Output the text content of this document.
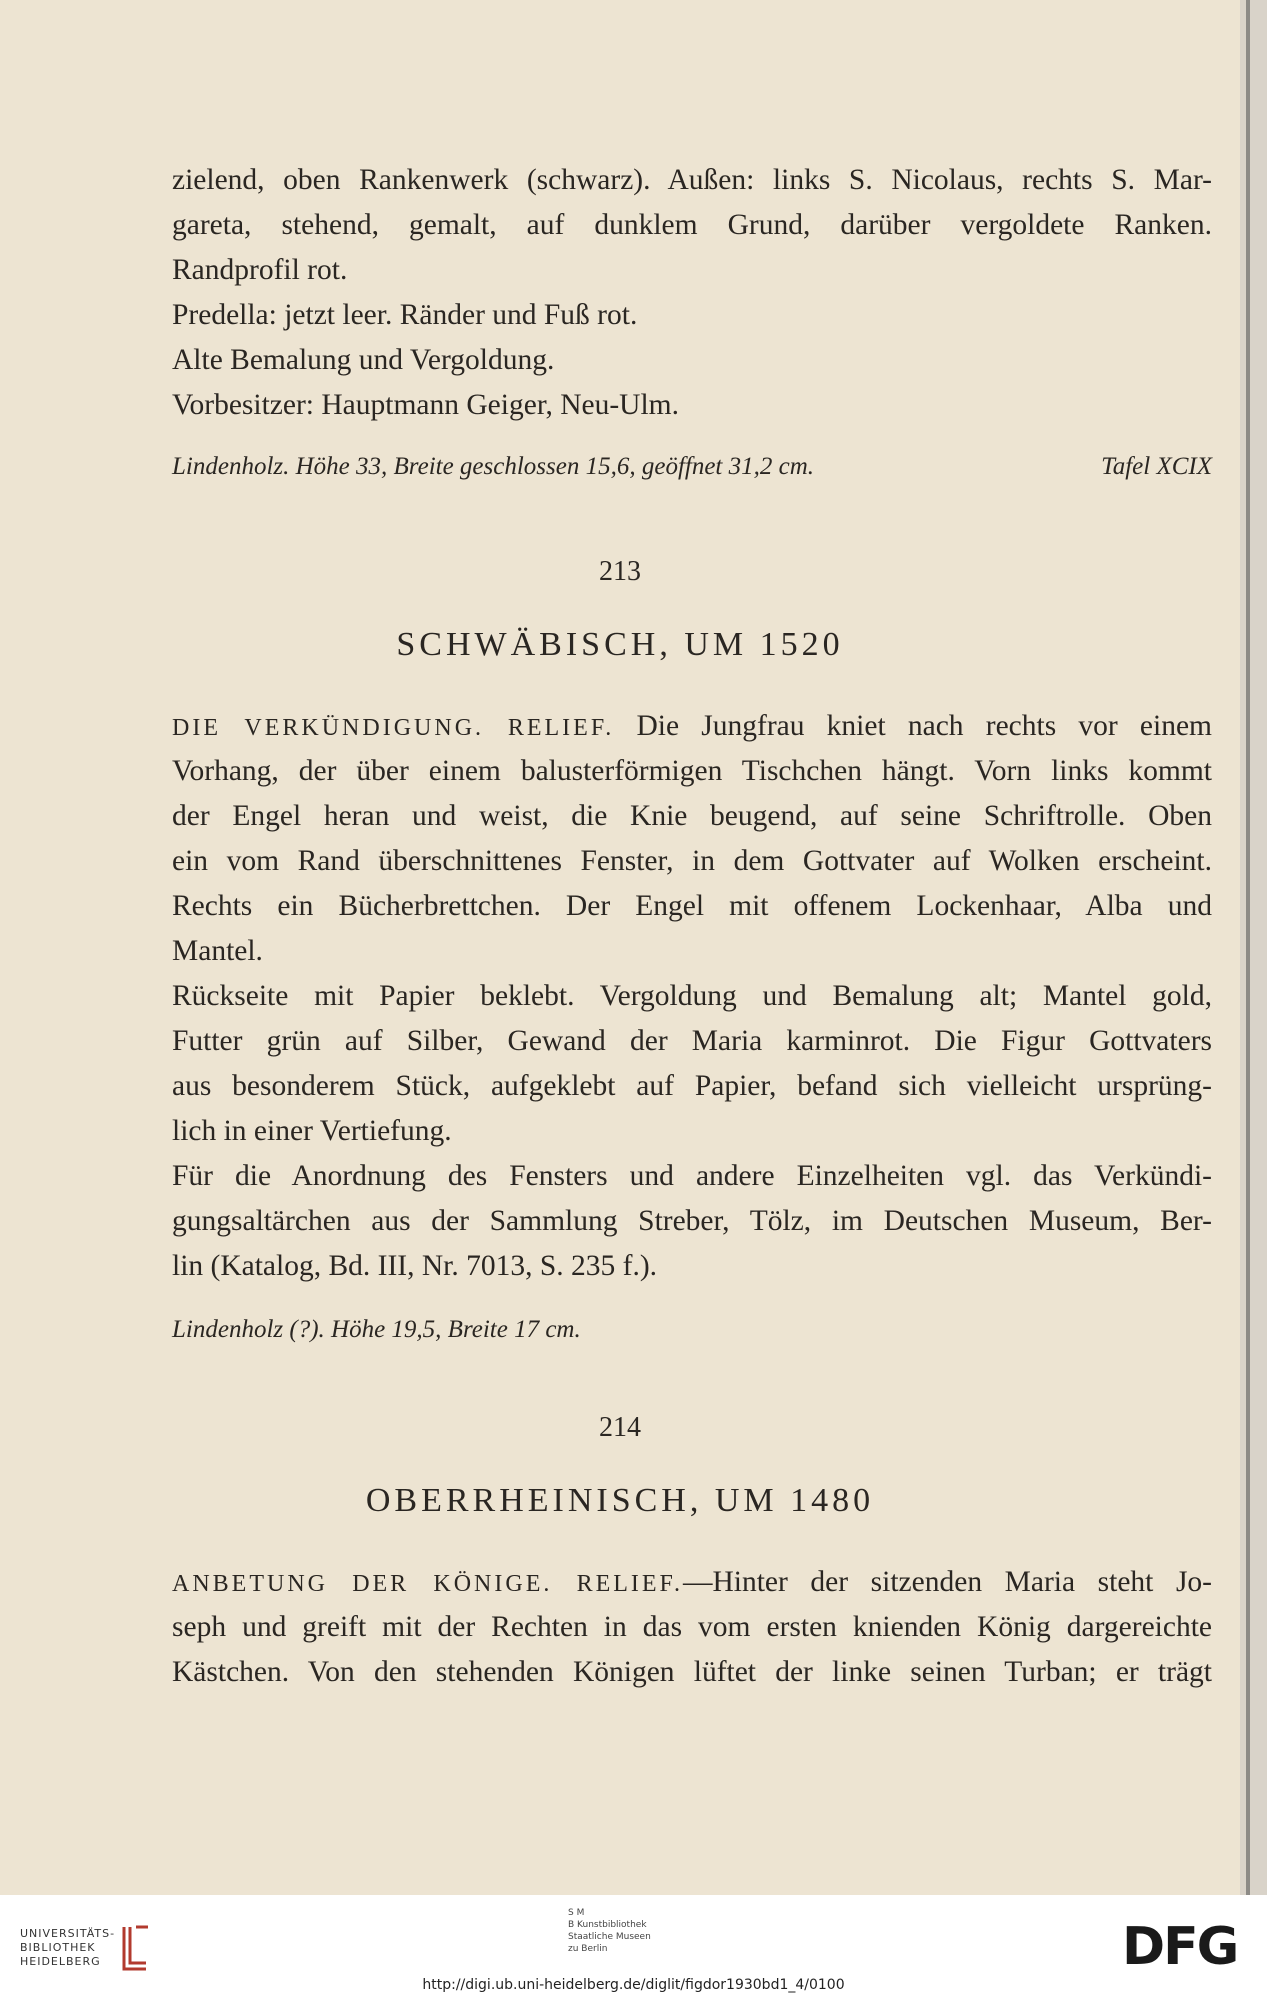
zielend, oben Rankenwerk (schwarz). Außen: links S. Nicolaus, rechts S. Mar-
gareta, stehend, gemalt, auf dunklem Grund, darüber vergoldete Ranken.
Randprofil rot.
Predella: jetzt leer. Ränder und Fuß rot.
Alte Bemalung und Vergoldung.
Vorbesitzer: Hauptmann Geiger, Neu-Ulm.
Lindenholz. Höhe 33, Breite geschlossen 15,6, geöffnet 31,2 cm.	Tafel XCIX
213
SCHWÄBISCH, UM 1520
DIE VERKÜNDIGUNG. RELIEF. Die Jungfrau kniet nach rechts vor einem
Vorhang, der über einem balusterförmigen Tischchen hängt. Vorn links kommt
der Engel heran und weist, die Knie beugend, auf seine Schriftrolle. Oben
ein vom Rand überschnittenes Fenster, in dem Gottvater auf Wolken erscheint.
Rechts ein Bücherbrettchen. Der Engel mit offenem Lockenhaar, Alba und
Mantel.
Rückseite mit Papier beklebt. Vergoldung und Bemalung alt; Mantel gold,
Futter grün auf Silber, Gewand der Maria karminrot. Die Figur Gottvaters
aus besonderem Stück, aufgeklebt auf Papier, befand sich vielleicht ursprüng-
lich in einer Vertiefung.
Für die Anordnung des Fensters und andere Einzelheiten vgl. das Verkündi-
gungsaltärchen aus der Sammlung Streber, Tölz, im Deutschen Museum, Ber-
lin (Katalog, Bd. III, Nr. 7013, S. 235 f.).
Lindenholz (?). Höhe 19,5, Breite 17 cm.
214
OBERRHEINISCH, UM 1480
ANBETUNG DER KÖNIGE. RELIEF.—Hinter der sitzenden Maria steht Jo-
seph und greift mit der Rechten in das vom ersten knienden König dargereichte
Kästchen. Von den stehenden Königen lüftet der linke seinen Turban; er trägt
UNIVERSITÄTS-
BIBLIOTHEK
HEIDELBERG
S M
B Kunstbibliothek
Staatliche Museen
zu Berlin	DFG
http://digi.ub.uni-heidelberg.de/diglit/figdor1930bd1_4/0100
